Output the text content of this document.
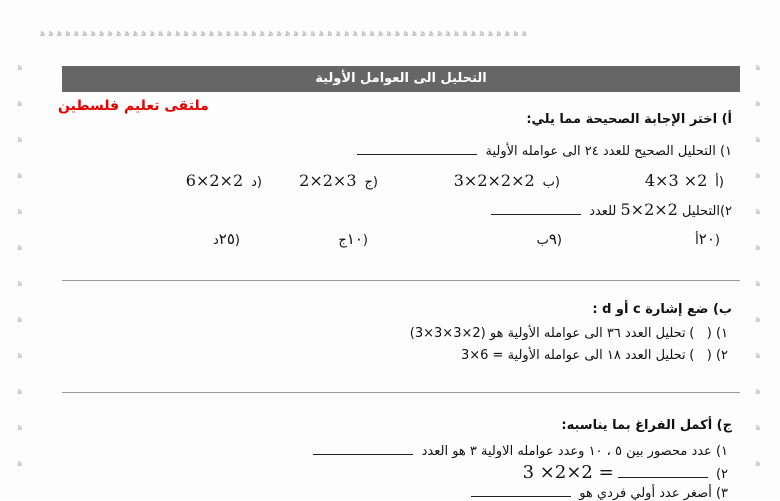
ﻫ ﻫ ﻫ ﻫ ﻫ ﻫ ﻫ ﻫ ﻫ ﻫ ﻫ ﻫ ﻫ ﻫ ﻫ ﻫ ﻫ ﻫ ﻫ ﻫ ﻫ ﻫ ﻫ ﻫ ﻫ ﻫ ﻫ ﻫ ﻫ ﻫ ﻫ ﻫ ﻫ ﻫ ﻫ ﻫ ﻫ ﻫ ﻫ ﻫ ﻫ ﻫ ﻫ ﻫ ﻫ ﻫ ﻫ ﻫ ﻫ ﻫ ﻫ ﻫ ﻫ ﻫ ﻫ ﻫ ﻫ ﻫ
ﻫ ﻫ ﻫ ﻫ ﻫ ﻫ ﻫ ﻫ ﻫ ﻫ ﻫ ﻫ
ﻫ ﻫ ﻫ ﻫ ﻫ ﻫ ﻫ ﻫ ﻫ ﻫ ﻫ ﻫ
التحليل الى العوامل الأولية
ملتقى تعليم فلسطين
أ) اختر الإجابة الصحيحة مما يلي:
١) التحليل الصحيح للعدد ٢٤ الى عوامله الأولية
4×3 ×2 أ)
3×2×2×2 ب)
2×2×3 ج)
6×2×2 د)
٢)التحليل 5×2×2 للعدد
٢٠أ)
٩ب)
١٠ج)
٢٥د)
ب) ضع إشارة c أو d :
١) (   ) تحليل العدد ٣٦ الى عوامله الأولية هو (2×3×3×3)
٢) (   ) تحليل العدد ١٨ الى عوامله الأولية = 6×3
ج) أكمل الفراغ بما يناسبه:
١) عدد محصور بين ٥ ، ١٠ وعدد عوامله الاولية ٣ هو العدد
٢)  3 ×2×2 =
٣) أصغر عدد أولي فردي هو
